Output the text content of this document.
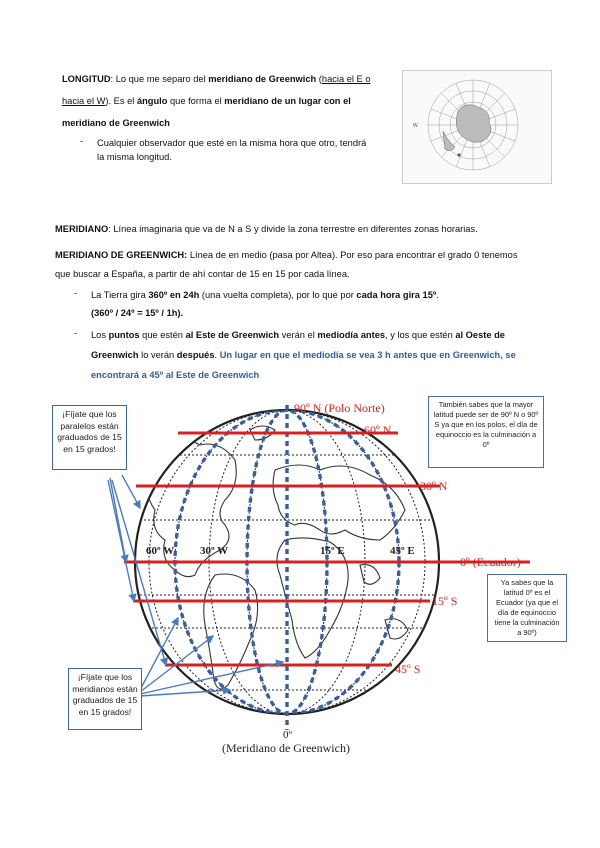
LONGITUD: Lo que me separo del meridiano de Greenwich (hacia el E o
hacia el W). Es el ángulo que forma el meridiano de un lugar con el
meridiano de Greenwich
- Cualquier observador que esté en la misma hora que otro, tendrá
la misma longitud.
W
MERIDIANO: Línea imaginaria que va de N a S y divide la zona terrestre en diferentes zonas horarias.
MERIDIANO DE GREENWICH: Línea de en medio (pasa por Altea). Por eso para encontrar el grado 0 tenemos
que buscar a España, a partir de ahí contar de 15 en 15 por cada línea.
- La Tierra gira 360º en 24h (una vuelta completa), por lo que por cada hora gira 15º.
(360º / 24º = 15º / 1h).
- Los puntos que estén al Este de Greenwich verán el mediodía antes, y los que estén al Oeste de
Greenwich lo verán después. Un lugar en que el mediodía se vea 3 h antes que en Greenwich, se
encontrará a 45º al Este de Greenwich
90º N (Polo Norte)
60º N
30º N
0º (Ecuador)
15º S
45º S
60º W 30º W	15º E	45º E
0º
(Meridiano de Greenwich)
¡Fíjate que los paralelos están graduados de 15 en 15 grados!
¡Fíjate que los meridianos están graduados de 15 en 15 grados!
También sabes que la mayor latitud puede ser de 90º N o 90º S ya que en los polos, el día de equinoccio es la culminación a 0º
Ya sabes que la latitud 0º es el Ecuador (ya que el día de equinoccio tiene la culminación a 90º)
